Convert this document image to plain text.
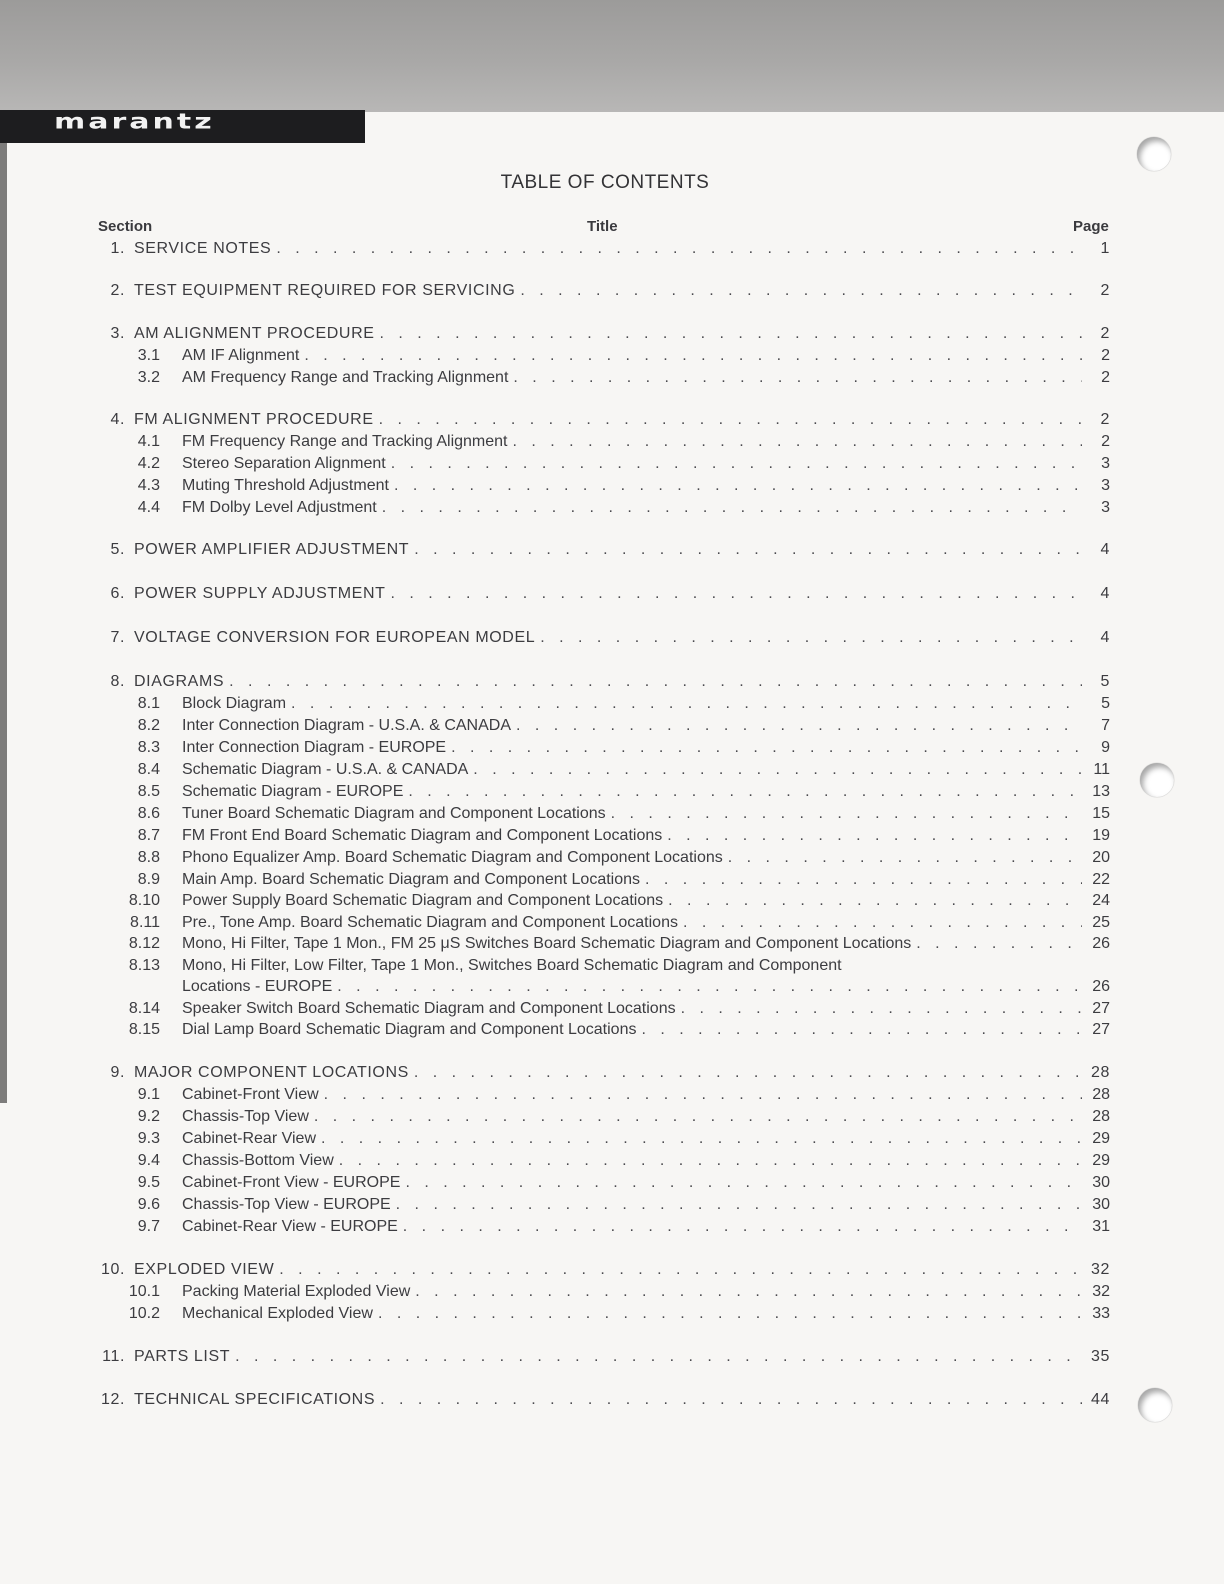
marantz
TABLE OF CONTENTS
Section	Title	Page
1. SERVICE NOTES . . .	1
2. TEST EQUIPMENT REQUIRED FOR SERVICING . . .	2
3. AM ALIGNMENT PROCEDURE . . .	2
3.1 AM IF Alignment . . .	2
3.2 AM Frequency Range and Tracking Alignment . . .	2
4. FM ALIGNMENT PROCEDURE . . .	2
4.1 FM Frequency Range and Tracking Alignment . . .	2
4.2 Stereo Separation Alignment . . .	3
4.3 Muting Threshold Adjustment . . .	3
4.4 FM Dolby Level Adjustment . . .	3
5. POWER AMPLIFIER ADJUSTMENT . . .	4
6. POWER SUPPLY ADJUSTMENT . . .	4
7. VOLTAGE CONVERSION FOR EUROPEAN MODEL . . .	4
8. DIAGRAMS . . .	5
8.1 Block Diagram . . .	5
8.2 Inter Connection Diagram - U.S.A. & CANADA . . .	7
8.3 Inter Connection Diagram - EUROPE . . .	9
8.4 Schematic Diagram - U.S.A. & CANADA . . .	11
8.5 Schematic Diagram - EUROPE . . .	13
8.6 Tuner Board Schematic Diagram and Component Locations . . .	15
8.7 FM Front End Board Schematic Diagram and Component Locations . . .	19
8.8 Phono Equalizer Amp. Board Schematic Diagram and Component Locations . . .	20
8.9 Main Amp. Board Schematic Diagram and Component Locations . . .	22
8.10 Power Supply Board Schematic Diagram and Component Locations . . .	24
8.11 Pre., Tone Amp. Board Schematic Diagram and Component Locations . . .	25
8.12 Mono, Hi Filter, Tape 1 Mon., FM 25 μS Switches Board Schematic Diagram and Component Locations . . .	26
8.13 Mono, Hi Filter, Low Filter, Tape 1 Mon., Switches Board Schematic Diagram and Component
Locations - EUROPE . . .	26
8.14 Speaker Switch Board Schematic Diagram and Component Locations . . .	27
8.15 Dial Lamp Board Schematic Diagram and Component Locations . . .	27
9. MAJOR COMPONENT LOCATIONS . . .	28
9.1 Cabinet-Front View . . .	28
9.2 Chassis-Top View . . .	28
9.3 Cabinet-Rear View . . .	29
9.4 Chassis-Bottom View . . .	29
9.5 Cabinet-Front View - EUROPE . . .	30
9.6 Chassis-Top View - EUROPE . . .	30
9.7 Cabinet-Rear View - EUROPE . . .	31
10. EXPLODED VIEW . . .	32
10.1 Packing Material Exploded View . . .	32
10.2 Mechanical Exploded View . . .	33
11. PARTS LIST . . .	35
12. TECHNICAL SPECIFICATIONS . . .	44
